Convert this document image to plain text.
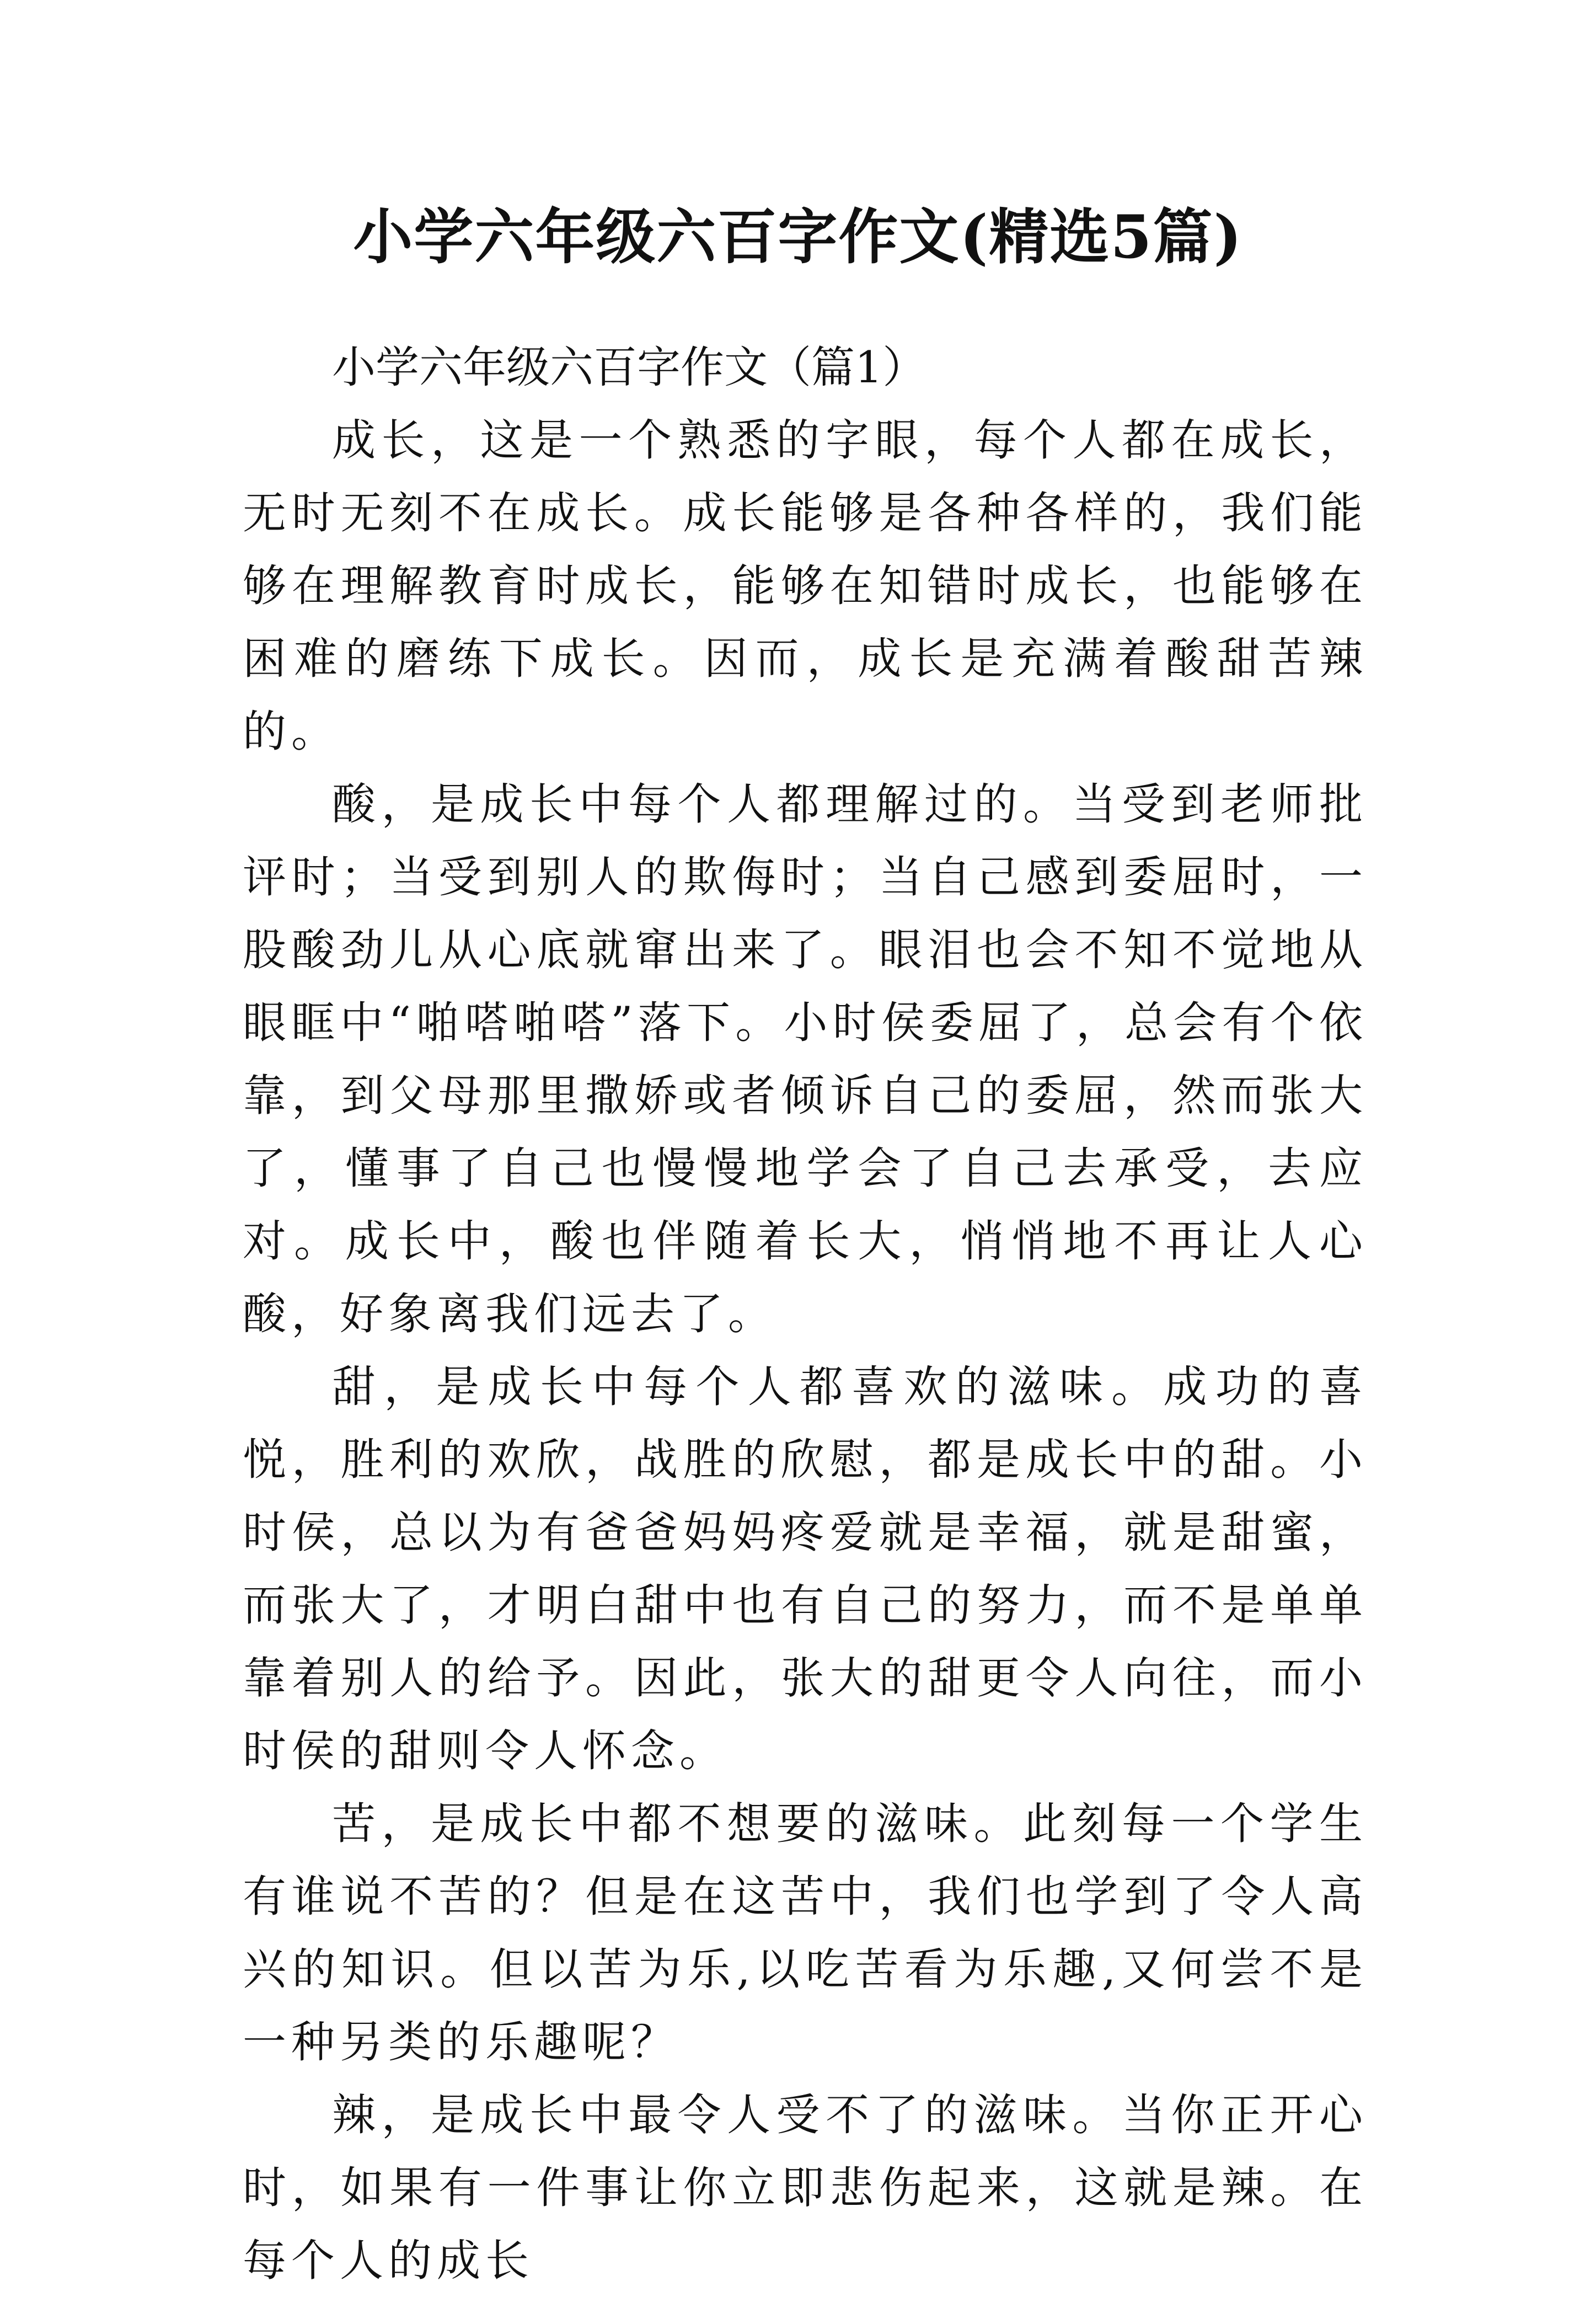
小学六年级六百字作文(精选5篇)

小学六年级六百字作文（篇1）

成长，这是一个熟悉的字眼，每个人都在成长，无时无刻不在成长。成长能够是各种各样的，我们能够在理解教育时成长，能够在知错时成长，也能够在困难的磨练下成长。因而，成长是充满着酸甜苦辣的。

酸，是成长中每个人都理解过的。当受到老师批评时；当受到别人的欺侮时；当自己感到委屈时，一股酸劲儿从心底就窜出来了。眼泪也会不知不觉地从眼眶中“啪嗒啪嗒”落下。小时侯委屈了，总会有个依靠，到父母那里撒娇或者倾诉自己的委屈，然而张大了，懂事了自己也慢慢地学会了自己去承受，去应对。成长中，酸也伴随着长大，悄悄地不再让人心酸，好象离我们远去了。

甜，是成长中每个人都喜欢的滋味。成功的喜悦，胜利的欢欣，战胜的欣慰，都是成长中的甜。小时侯，总以为有爸爸妈妈疼爱就是幸福，就是甜蜜，而张大了，才明白甜中也有自己的努力，而不是单单靠着别人的给予。因此，张大的甜更令人向往，而小时侯的甜则令人怀念。

苦，是成长中都不想要的滋味。此刻每一个学生有谁说不苦的？但是在这苦中，我们也学到了令人高兴的知识。但以苦为乐,以吃苦看为乐趣,又何尝不是一种另类的乐趣呢？

辣，是成长中最令人受不了的滋味。当你正开心时，如果有一件事让你立即悲伤起来，这就是辣。在每个人的成长
